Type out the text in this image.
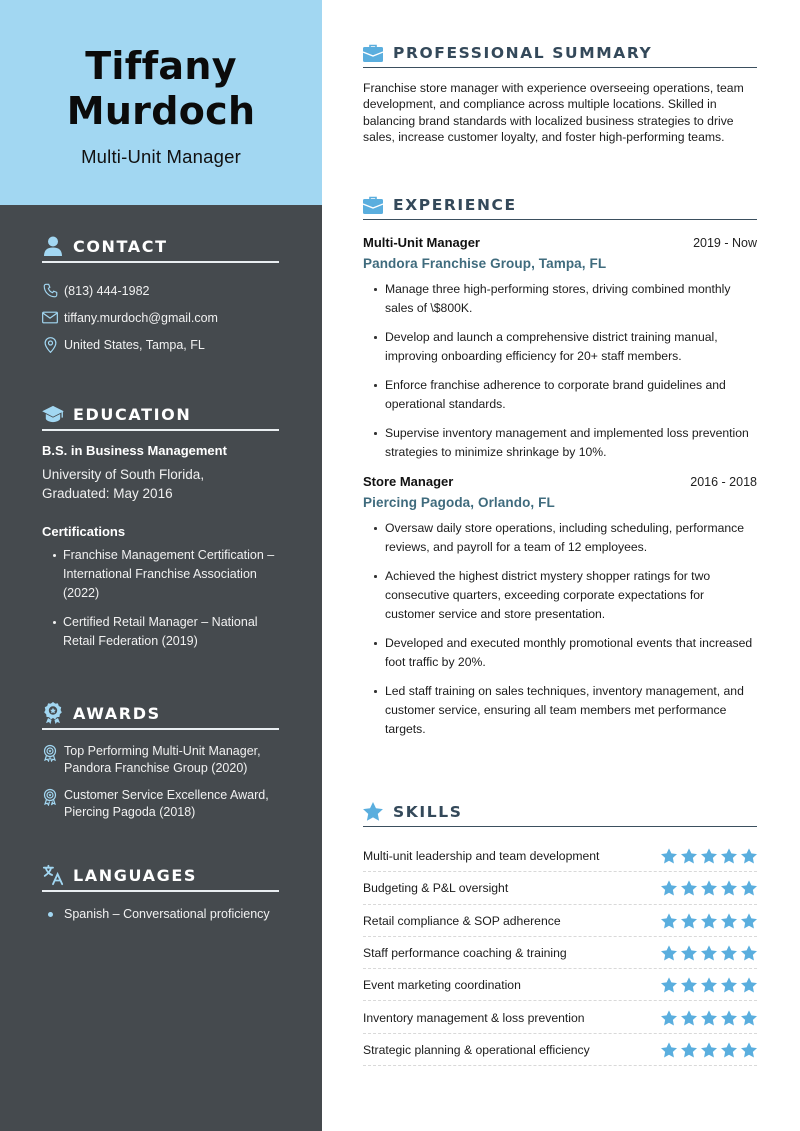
Tiffany
Murdoch
Multi-Unit Manager
CONTACT
(813) 444-1982
tiffany.murdoch@gmail.com
United States, Tampa, FL
EDUCATION
B.S. in Business Management
University of South Florida,
Graduated: May 2016
Certifications
Franchise Management Certification – International Franchise Association (2022)
Certified Retail Manager – National Retail Federation (2019)
AWARDS
Top Performing Multi-Unit Manager, Pandora Franchise Group (2020)
Customer Service Excellence Award, Piercing Pagoda (2018)
LANGUAGES
Spanish – Conversational proficiency
PROFESSIONAL SUMMARY

Franchise store manager with experience overseeing operations, team development, and compliance across multiple locations. Skilled in balancing brand standards with localized business strategies to drive sales, increase customer loyalty, and foster high-performing teams.

EXPERIENCE
Multi-Unit Manager	2019 - Now
Pandora Franchise Group, Tampa, FL
Manage three high-performing stores, driving combined monthly sales of \$800K.
Develop and launch a comprehensive district training manual, improving onboarding efficiency for 20+ staff members.
Enforce franchise adherence to corporate brand guidelines and operational standards.
Supervise inventory management and implemented loss prevention strategies to minimize shrinkage by 10%.
Store Manager	2016 - 2018
Piercing Pagoda, Orlando, FL
Oversaw daily store operations, including scheduling, performance reviews, and payroll for a team of 12 employees.
Achieved the highest district mystery shopper ratings for two consecutive quarters, exceeding corporate expectations for customer service and store presentation.
Developed and executed monthly promotional events that increased foot traffic by 20%.
Led staff training on sales techniques, inventory management, and customer service, ensuring all team members met performance targets.
SKILLS
Multi-unit leadership and team development
Budgeting & P&L oversight
Retail compliance & SOP adherence
Staff performance coaching & training
Event marketing coordination
Inventory management & loss prevention
Strategic planning & operational efficiency
